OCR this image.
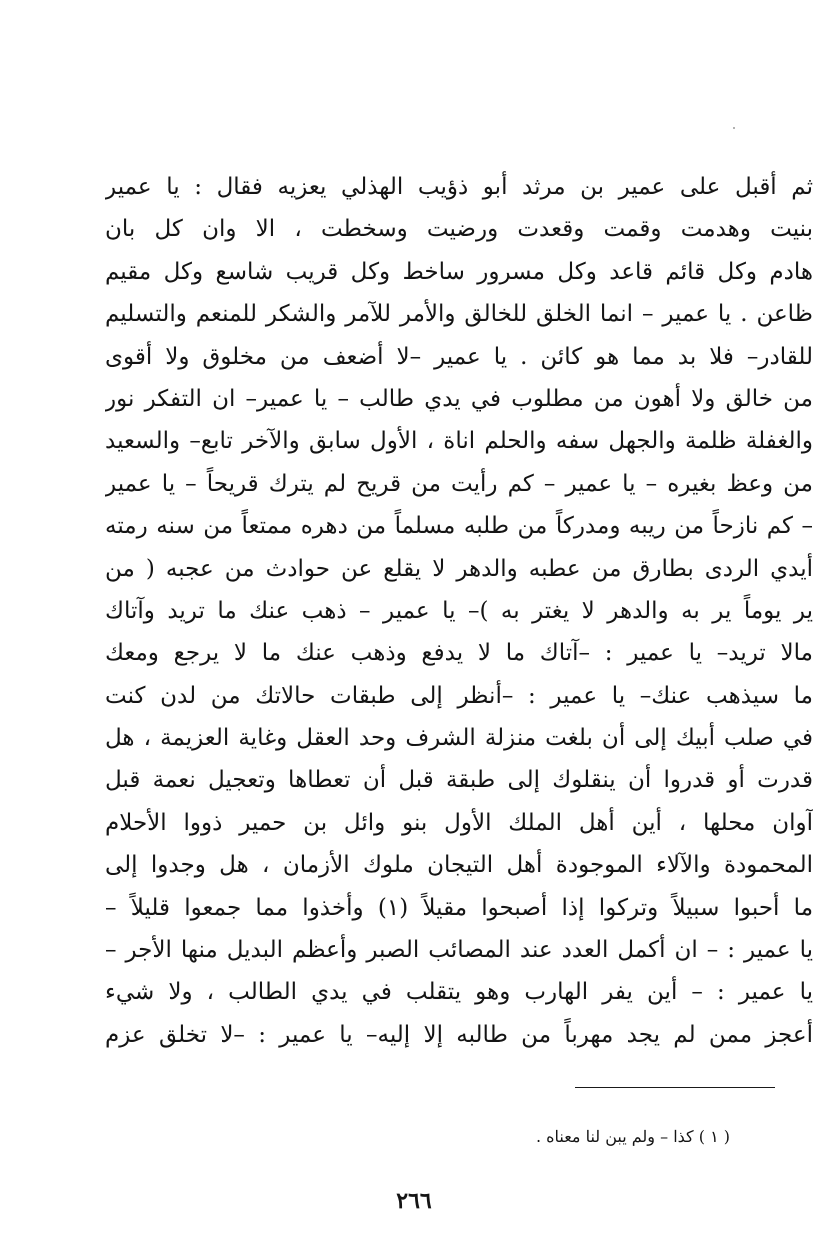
ثم أقبل على عمير بن مرثد أبو ذؤيب الهذلي يعزيه فقال : يا عمير
بنيت وهدمت وقمت وقعدت ورضيت وسخطت ، الا وان كل بان
هادم وكل قائم قاعد وكل مسرور ساخط وكل قريب شاسع وكل مقيم
ظاعن . يا عمير – انما الخلق للخالق والأمر للآمر والشكر للمنعم والتسليم
للقادر– فلا بد مما هو كائن . يا عمير –لا أضعف من مخلوق ولا أقوى
من خالق ولا أهون من مطلوب في يدي طالب – يا عمير– ان التفكر نور
والغفلة ظلمة والجهل سفه والحلم اناة ، الأول سابق والآخر تابع– والسعيد
من وعظ بغيره – يا عمير – كم رأيت من قريح لم يترك قريحاً – يا عمير
– كم نازحاً من ريبه ومدركاً من طلبه مسلماً من دهره ممتعاً من سنه رمته
أيدي الردى بطارق من عطبه والدهر لا يقلع عن حوادث من عجبه ( من
ير يوماً ير به والدهر لا يغتر به )– يا عمير – ذهب عنك ما تريد وآتاك
مالا تريد– يا عمير : –آتاك ما لا يدفع وذهب عنك ما لا يرجع ومعك
ما سيذهب عنك– يا عمير : –أنظر إلى طبقات حالاتك من لدن كنت
في صلب أبيك إلى أن بلغت منزلة الشرف وحد العقل وغاية العزيمة ، هل
قدرت أو قدروا أن ينقلوك إلى طبقة قبل أن تعطاها وتعجيل نعمة قبل
آوان محلها ، أين أهل الملك الأول بنو وائل بن حمير ذووا الأحلام
المحمودة والآلاء الموجودة أهل التيجان ملوك الأزمان ، هل وجدوا إلى
ما أحبوا سبيلاً وتركوا إذا أصبحوا مقيلاً (١) وأخذوا مما جمعوا قليلاً –
يا عمير : – ان أكمل العدد عند المصائب الصبر وأعظم البديل منها الأجر –
يا عمير : – أين يفر الهارب وهو يتقلب في يدي الطالب ، ولا شيء
أعجز ممن لم يجد مهرباً من طالبه إلا إليه– يا عمير : –لا تخلق عزم
( ١ ) كذا – ولم يبن لنا معناه .
٢٦٦
